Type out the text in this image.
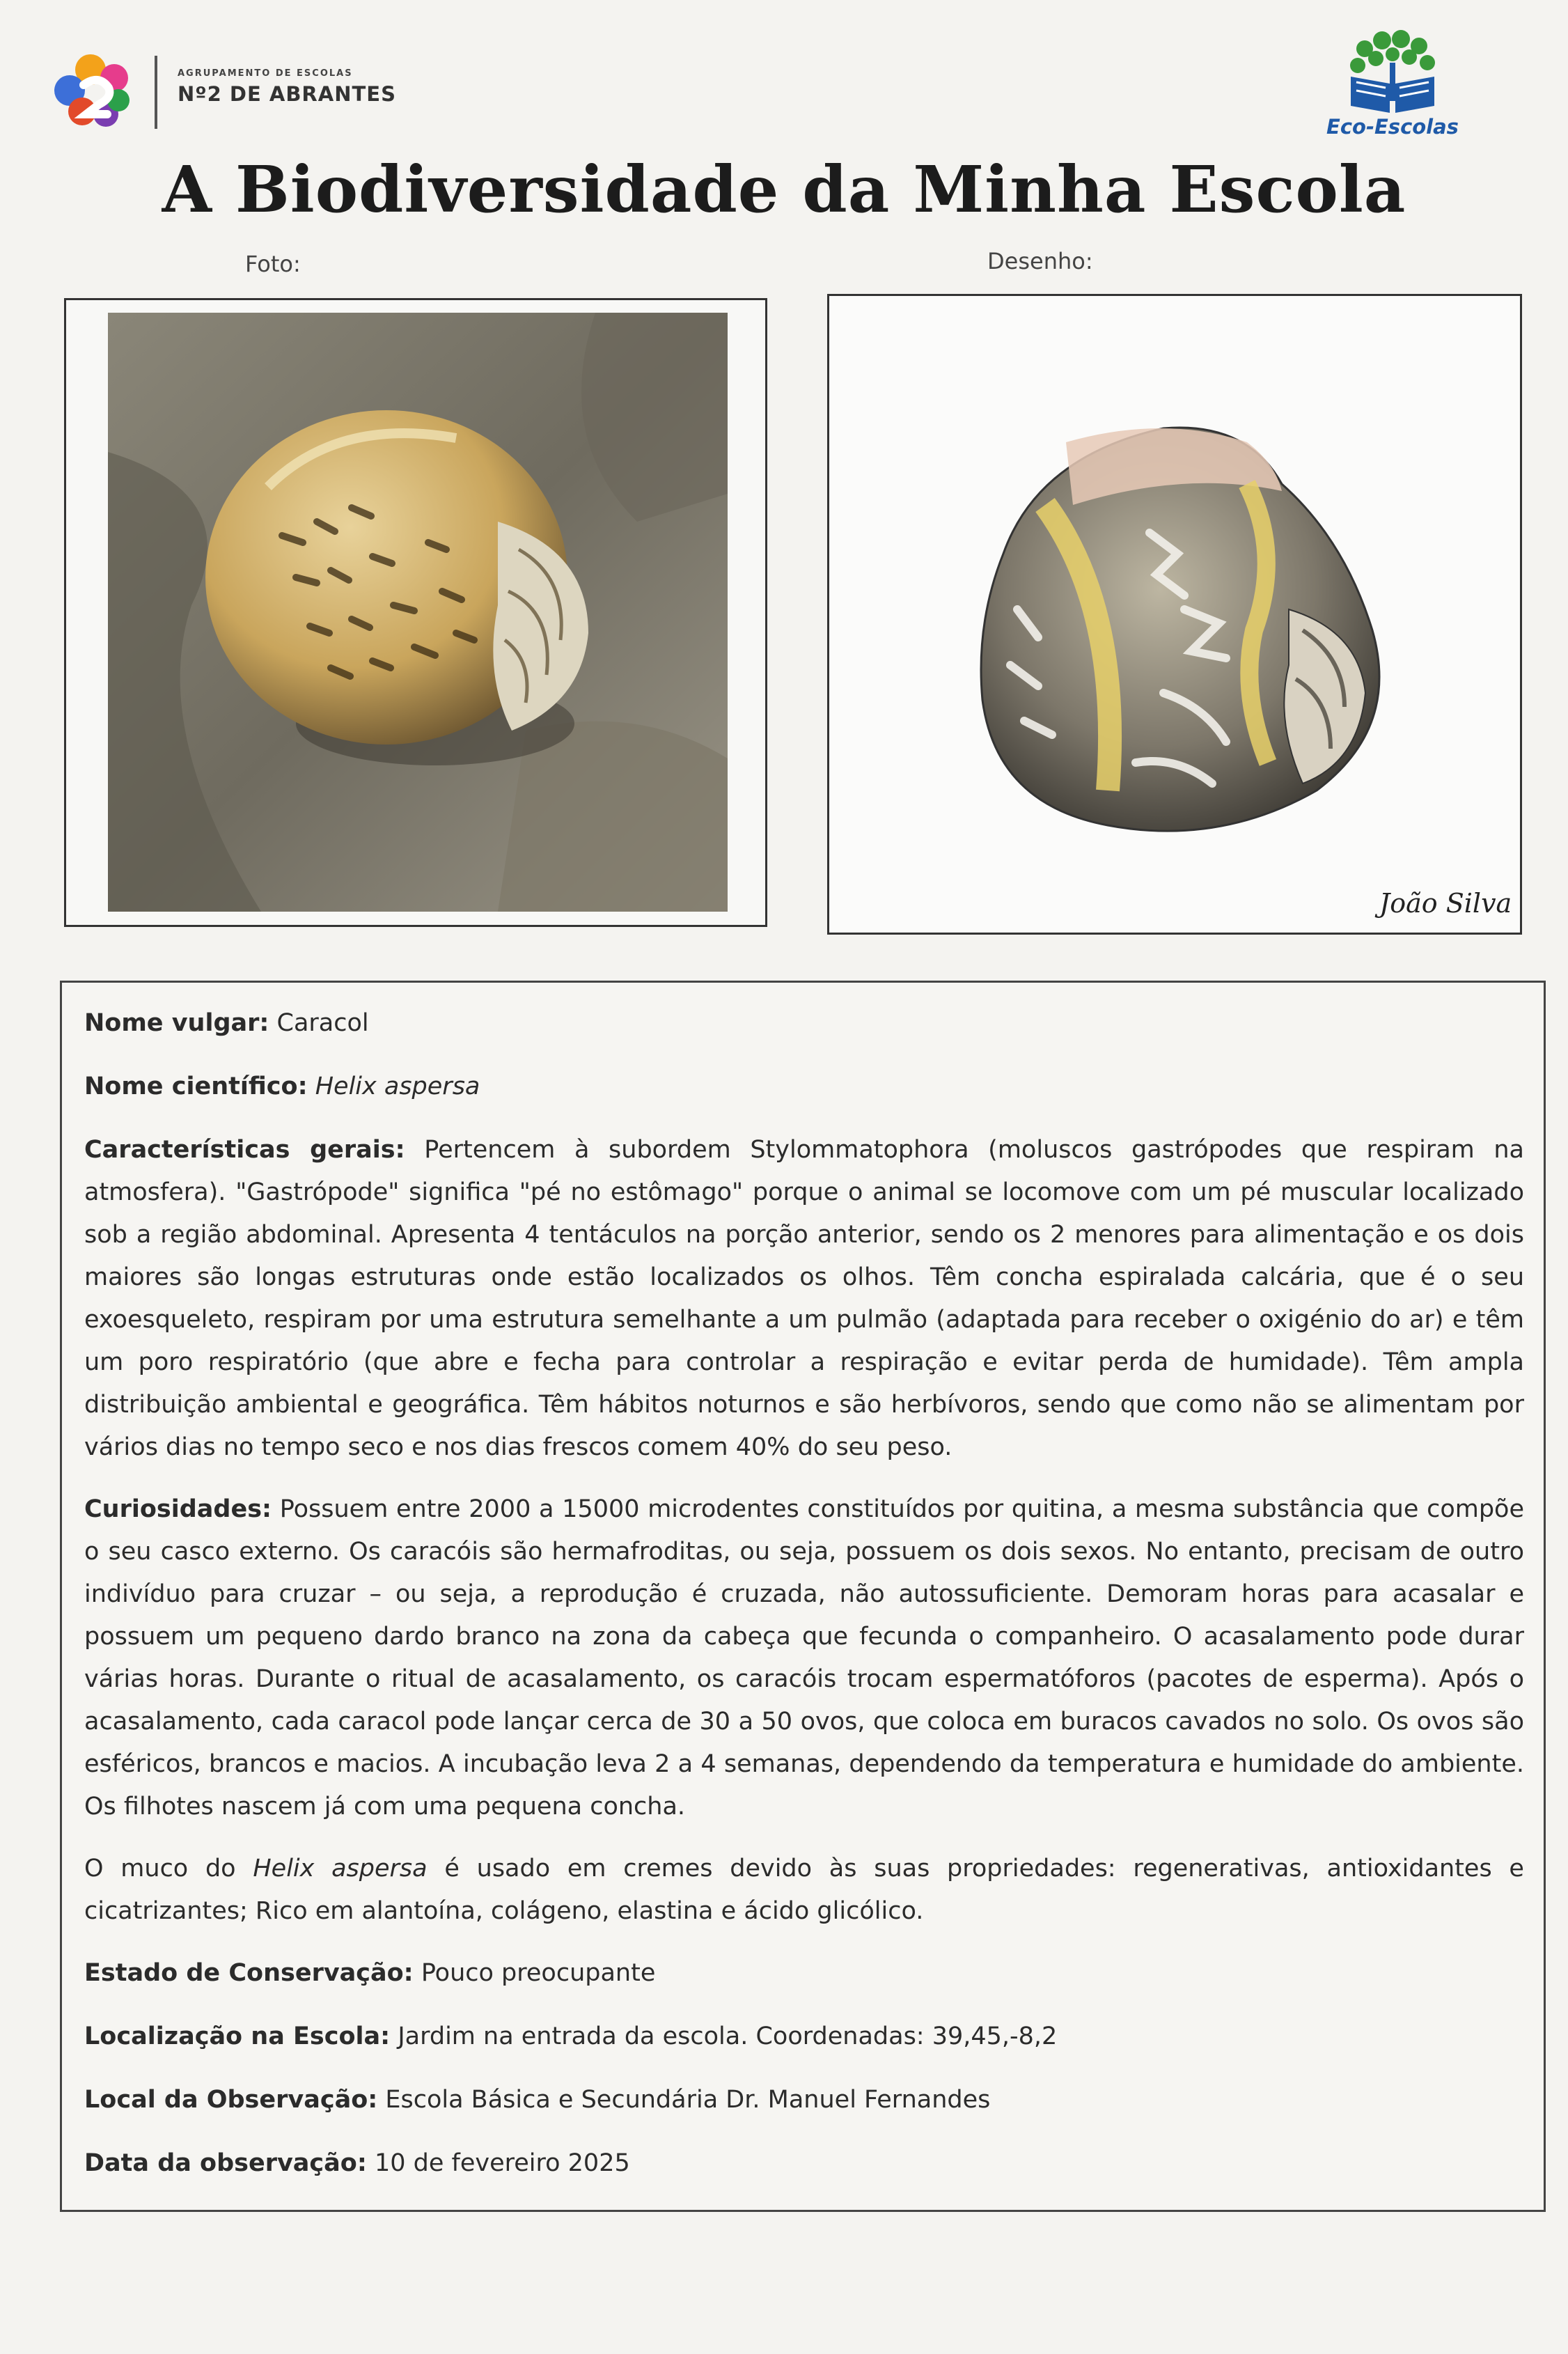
AGRUPAMENTO DE ESCOLAS
Nº2 DE ABRANTES
Eco-Escolas
A Biodiversidade da Minha Escola
Foto:	Desenho:
João Silva

Nome vulgar: Caracol

Nome científico: Helix aspersa

Características gerais: Pertencem à subordem Stylommatophora (moluscos gastrópodes que respiram na atmosfera). "Gastrópode" significa "pé no estômago" porque o animal se locomove com um pé muscular localizado sob a região abdominal. Apresenta 4 tentáculos na porção anterior, sendo os 2 menores para alimentação e os dois maiores são longas estruturas onde estão localizados os olhos. Têm concha espiralada calcária, que é o seu exoesqueleto, respiram por uma estrutura semelhante a um pulmão (adaptada para receber o oxigénio do ar) e têm um poro respiratório (que abre e fecha para controlar a respiração e evitar perda de humidade). Têm ampla distribuição ambiental e geográfica. Têm hábitos noturnos e são herbívoros, sendo que como não se alimentam por vários dias no tempo seco e nos dias frescos comem 40% do seu peso.

Curiosidades: Possuem entre 2000 a 15000 microdentes constituídos por quitina, a mesma substância que compõe o seu casco externo. Os caracóis são hermafroditas, ou seja, possuem os dois sexos. No entanto, precisam de outro indivíduo para cruzar – ou seja, a reprodução é cruzada, não autossuficiente. Demoram horas para acasalar e possuem um pequeno dardo branco na zona da cabeça que fecunda o companheiro. O acasalamento pode durar várias horas. Durante o ritual de acasalamento, os caracóis trocam espermatóforos (pacotes de esperma). Após o acasalamento, cada caracol pode lançar cerca de 30 a 50 ovos, que coloca em buracos cavados no solo. Os ovos são esféricos, brancos e macios. A incubação leva 2 a 4 semanas, dependendo da temperatura e humidade do ambiente. Os filhotes nascem já com uma pequena concha.

O muco do Helix aspersa é usado em cremes devido às suas propriedades: regenerativas, antioxidantes e cicatrizantes; Rico em alantoína, colágeno, elastina e ácido glicólico.

Estado de Conservação: Pouco preocupante

Localização na Escola: Jardim na entrada da escola. Coordenadas: 39,45,-8,2

Local da Observação: Escola Básica e Secundária Dr. Manuel Fernandes

Data da observação: 10 de fevereiro 2025
